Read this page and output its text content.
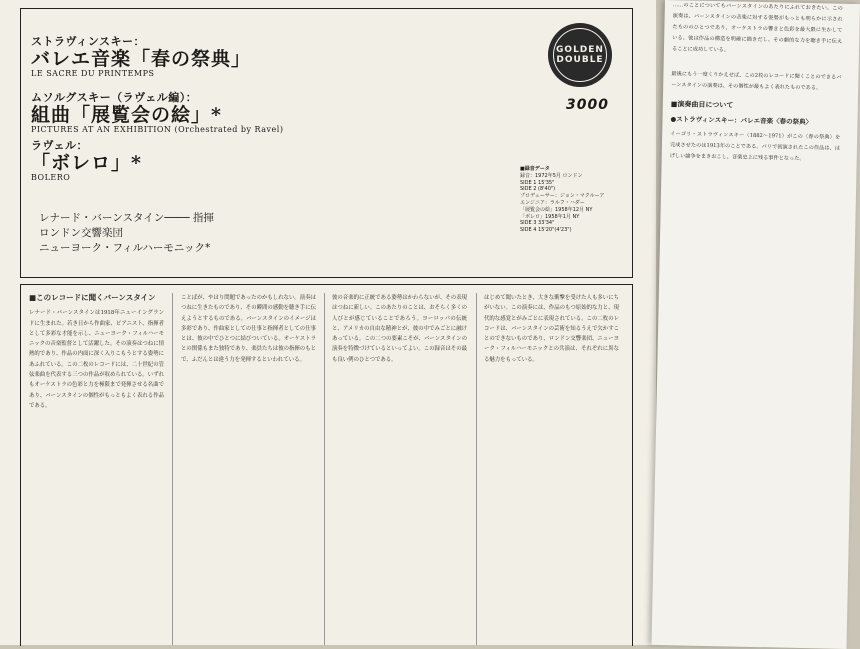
ストラヴィンスキー：
バレエ音楽「春の祭典」
LE SACRE DU PRINTEMPS
ムソルグスキー（ラヴェル編）：
組曲「展覧会の絵」*
PICTURES AT AN EXHIBITION (Orchestrated by Ravel)
ラヴェル：
「ボレロ」*
BOLERO
GOLDEN
DOUBLE
3000
■録音データ
録音：1972年5月 ロンドン
SIDE 1 15'35"
SIDE 2 (8'40")
プロデューサー：ジョン・マクルーア
エンジニア：ラルフ・ハダー
「展覧会の絵」1958年12月 NY
「ボレロ」1958年1月 NY
SIDE 3 33'34"
SIDE 4 15'20"(4'23")
レナード・バーンスタイン──── 指揮
ロンドン交響楽団
ニューヨーク・フィルハーモニック*
■このレコードに聞くバーンスタイン
レナード・バーンスタインは1918年ニューイングランドに生まれた。若き日から作曲家、ピアニスト、指揮者として多彩な才能を示し、ニューヨーク・フィルハーモニックの音楽監督として活躍した。その演奏はつねに情熱的であり、作品の内面に深く入りこもうとする姿勢にあふれている。この二枚のレコードには、二十世紀の管弦楽曲を代表する三つの作品が収められている。いずれもオーケストラの色彩と力を極限まで発揮させる名曲であり、バーンスタインの個性がもっともよく表れる作品である。
ことばが、やはり問題であったのかもしれない。演奏はつねに生きたものであり、その瞬間の感動を聴き手に伝えようとするものである。バーンスタインのイメージは多彩であり、作曲家としての仕事と指揮者としての仕事とは、彼の中でひとつに結びついている。オーケストラとの関係もまた独特であり、楽員たちは彼の指揮のもとで、ふだんとは違う力を発揮するといわれている。
彼の音楽的に正統である姿勢はかわらないが、その表現はつねに新しい。このあたりのことは、おそらく多くの人びとが感じていることであろう。ヨーロッパの伝統と、アメリカの自由な精神とが、彼の中でみごとに融けあっている。この二つの要素こそが、バーンスタインの演奏を特徴づけているといってよい。この録音はその最も良い例のひとつである。
はじめて聞いたとき、大きな衝撃を受けた人も多いにちがいない。この演奏には、作品のもつ原始的な力と、現代的な感覚とがみごとに表現されている。この二枚のレコードは、バーンスタインの芸術を知るうえで欠かすことのできないものであり、ロンドン交響楽団、ニューヨーク・フィルハーモニックとの共演は、それぞれに異なる魅力をもっている。
……のことについてもバーンスタインのあたりにふれておきたい。この演奏は、バーンスタインの音楽に対する姿勢がもっとも明らかに示されたもののひとつであり、オーケストラの響きと色彩を最大限に生かしている。彼は作品の構造を明確に描きだし、その劇的な力を聴き手に伝えることに成功している。
最後にもう一度くりかえせば、この2枚のレコードに聞くことのできるバーンスタインの演奏は、その個性が最もよく表れたものである。
■演奏曲目について
●ストラヴィンスキー：バレエ音楽〈春の祭典〉
イーゴリ・ストラヴィンスキー（1882〜1971）がこの〈春の祭典〉を完成させたのは1913年のことである。パリで初演されたこの作品は、はげしい論争をまきおこし、音楽史上に残る事件となった。
